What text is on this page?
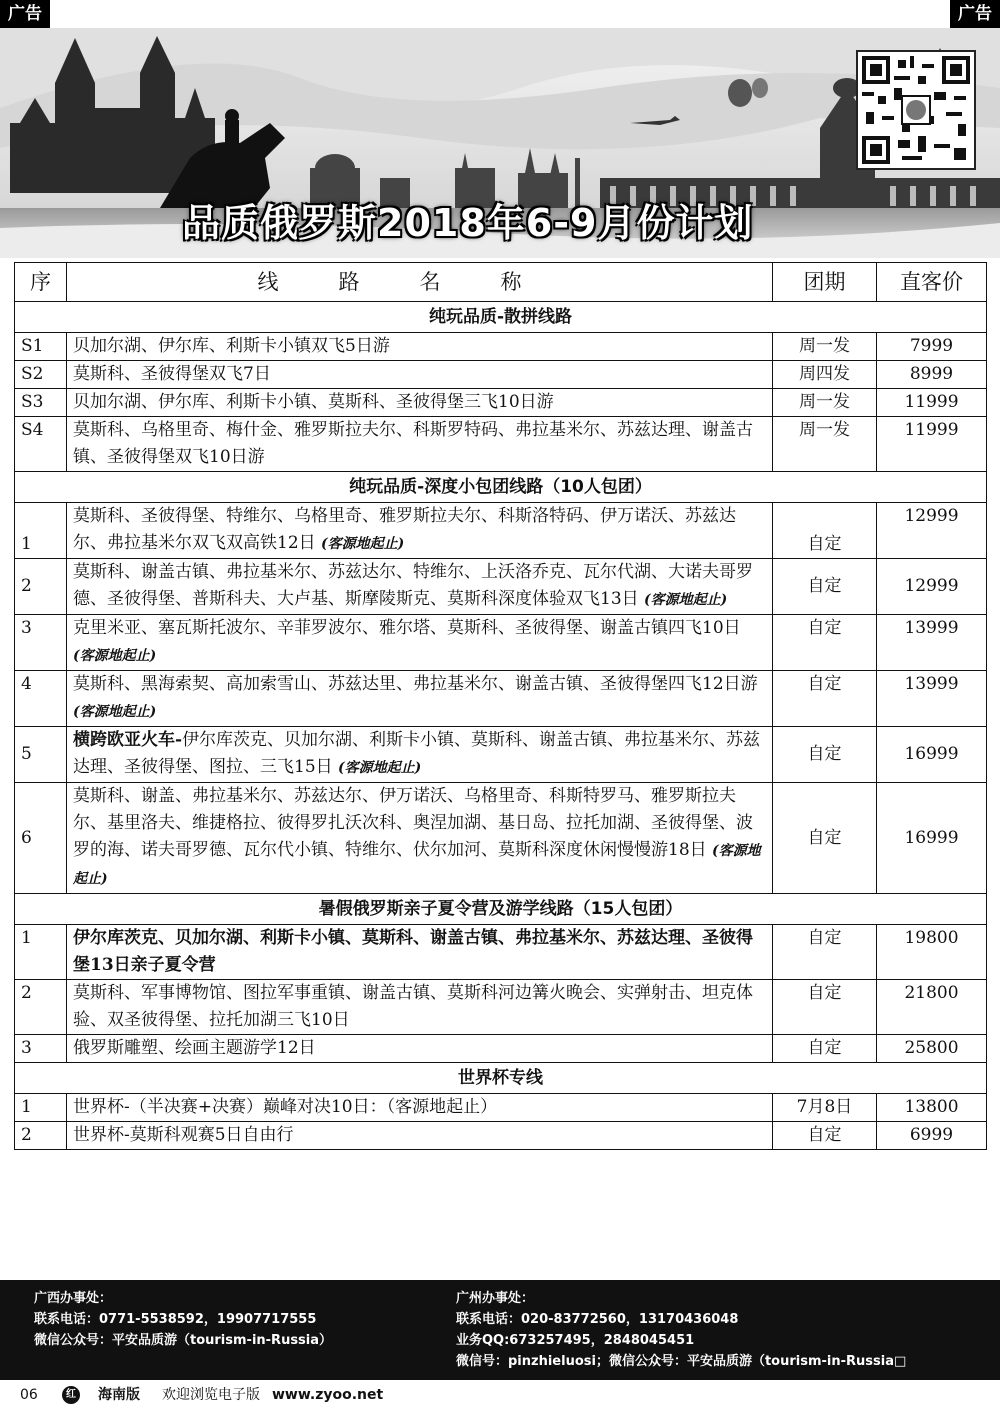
广告	广告
品质俄罗斯2018年6-9月份计划
序	线路名称	团期	直客价
纯玩品质-散拼线路			
S1	贝加尔湖、伊尔库、利斯卡小镇双飞5日游	周一发	7999
S2	莫斯科、圣彼得堡双飞7日	周四发	8999
S3	贝加尔湖、伊尔库、利斯卡小镇、莫斯科、圣彼得堡三飞10日游	周一发	11999
S4	莫斯科、乌格里奇、梅什金、雅罗斯拉夫尔、科斯罗特码、弗拉基米尔、苏兹达理、谢盖古镇、圣彼得堡双飞10日游	周一发	11999
纯玩品质-深度小包团线路（10人包团）			
1	莫斯科、圣彼得堡、特维尔、乌格里奇、雅罗斯拉夫尔、科斯洛特码、伊万诺沃、苏兹达尔、弗拉基米尔双飞双高铁12日 (客源地起止)	自定	12999
2	莫斯科、谢盖古镇、弗拉基米尔、苏兹达尔、特维尔、上沃洛乔克、瓦尔代湖、大诺夫哥罗德、圣彼得堡、普斯科夫、大卢基、斯摩陵斯克、莫斯科深度体验双飞13日 (客源地起止)	自定	12999
3	克里米亚、塞瓦斯托波尔、辛菲罗波尔、雅尔塔、莫斯科、圣彼得堡、谢盖古镇四飞10日 (客源地起止)	自定	13999
4	莫斯科、黑海索契、高加索雪山、苏兹达里、弗拉基米尔、谢盖古镇、圣彼得堡四飞12日游 (客源地起止)	自定	13999
5	横跨欧亚火车-伊尔库茨克、贝加尔湖、利斯卡小镇、莫斯科、谢盖古镇、弗拉基米尔、苏兹达理、圣彼得堡、图拉、三飞15日 (客源地起止)	自定	16999
6	莫斯科、谢盖、弗拉基米尔、苏兹达尔、伊万诺沃、乌格里奇、科斯特罗马、雅罗斯拉夫尔、基里洛夫、维捷格拉、彼得罗扎沃次科、奥涅加湖、基日岛、拉托加湖、圣彼得堡、波罗的海、诺夫哥罗德、瓦尔代小镇、特维尔、伏尔加河、莫斯科深度休闲慢慢游18日 (客源地起止)	自定	16999
暑假俄罗斯亲子夏令营及游学线路（15人包团）			
1	伊尔库茨克、贝加尔湖、利斯卡小镇、莫斯科、谢盖古镇、弗拉基米尔、苏兹达理、圣彼得堡13日亲子夏令营	自定	19800
2	莫斯科、军事博物馆、图拉军事重镇、谢盖古镇、莫斯科河边篝火晚会、实弹射击、坦克体验、双圣彼得堡、拉托加湖三飞10日	自定	21800
3	俄罗斯雕塑、绘画主题游学12日	自定	25800
世界杯专线			
1	世界杯-（半决赛+决赛）巅峰对决10日：（客源地起止）	7月8日	13800
2	世界杯-莫斯科观赛5日自由行	自定	6999
广西办事处：
联系电话：0771-5538592，19907717555
微信公众号：平安品质游（tourism-in-Russia）
广州办事处：
联系电话：020-83772560，13170436048
业务QQ:673257495，2848045451
微信号：pinzhieluosi；微信公众号：平安品质游（tourism-in-Russia□
06	红 海南版 欢迎浏览电子版 www.zyoo.net
